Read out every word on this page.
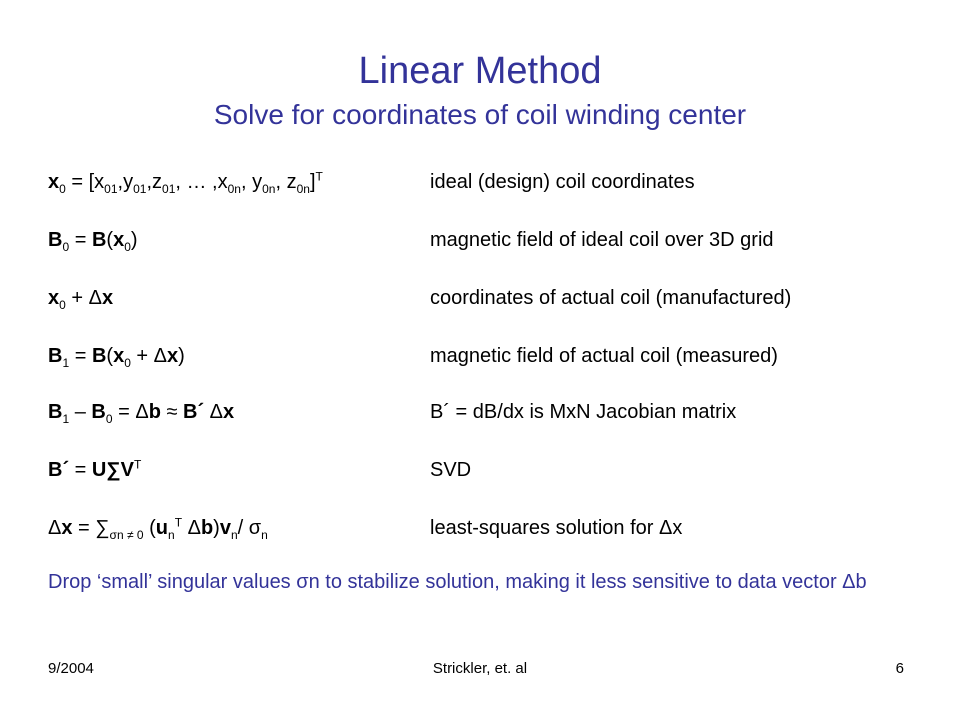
Linear Method
Solve for coordinates of coil winding center
$x_0 = [x_{01},y_{01},z_{01}$, … $,x_{0n}$, $y_{0n}$, $z_{0n}]^T$	ideal (design) coil coordinates
$B_0 = B(x_0)$	magnetic field of ideal coil over 3D grid
$x_0 + \Delta x$	coordinates of actual coil (manufactured)
$B_1 = B(x_0 + \Delta x)$	magnetic field of actual coil (measured)
$B_1 - B_0 = \Delta b$ ≈ B´ Δx	B´ = dB/dx is MxN Jacobian matrix
B´ = $U\sum V^T$	SVD
$\Delta x = \sum_{\sigma n \ne 0}$ ($u_n^T$ $\Delta b)v_n/$ $\sigma_n$	least-squares solution for Δx
Drop ‘small’ singular values σn to stabilize solution, making it less sensitive to data vector Δb
9/2004	Strickler, et. al	6
